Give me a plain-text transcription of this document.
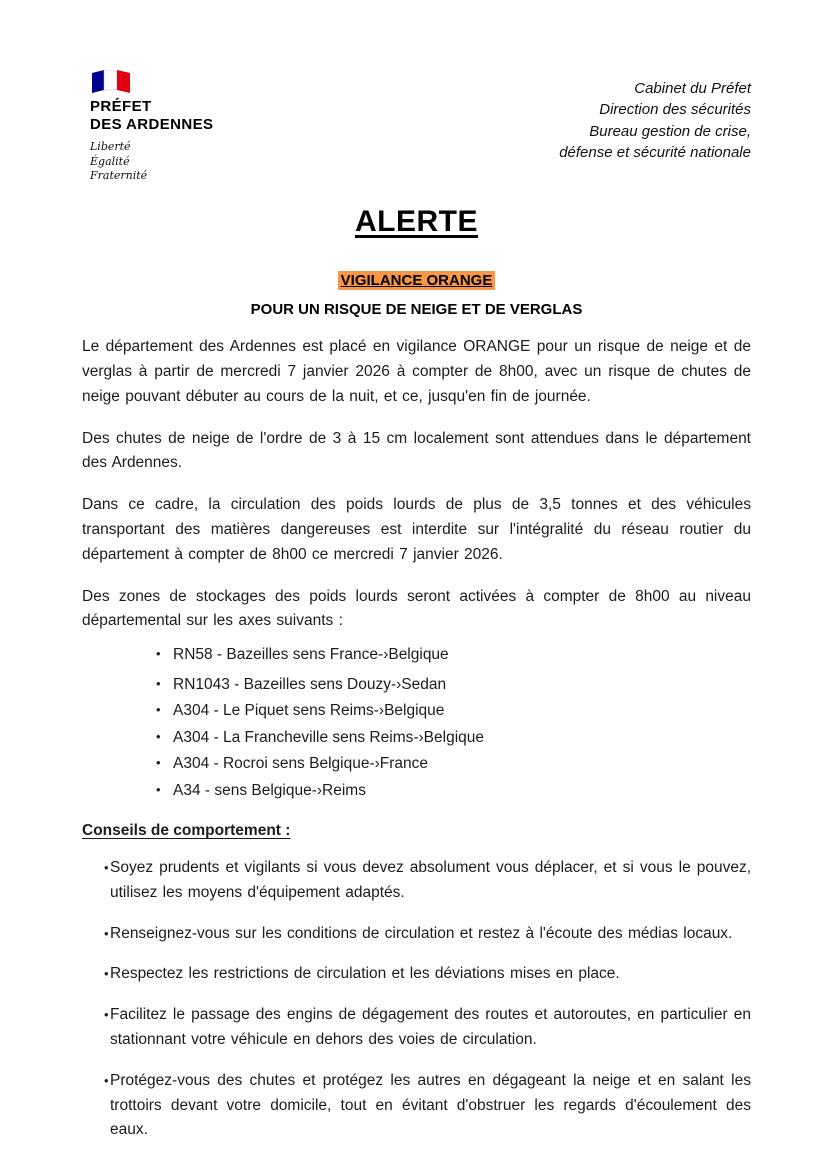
PRÉFET
DES ARDENNES
Liberté
Égalité
Fraternité
Cabinet du Préfet
Direction des sécurités
Bureau gestion de crise,
défense et sécurité nationale
ALERTE
VIGILANCE ORANGE
POUR UN RISQUE DE NEIGE ET DE VERGLAS

Le département des Ardennes est placé en vigilance ORANGE pour un risque de neige et de verglas à partir de mercredi 7 janvier 2026 à compter de 8h00, avec un risque de chutes de neige pouvant débuter au cours de la nuit, et ce, jusqu'en fin de journée.

Des chutes de neige de l'ordre de 3 à 15 cm localement sont attendues dans le département des Ardennes.

Dans ce cadre, la circulation des poids lourds de plus de 3,5 tonnes et des véhicules transportant des matières dangereuses est interdite sur l'intégralité du réseau routier du département à compter de 8h00 ce mercredi 7 janvier 2026.

Des zones de stockages des poids lourds seront activées à compter de 8h00 au niveau départemental sur les axes suivants :

• RN58 - Bazeilles sens France-›Belgique
• RN1043 - Bazeilles sens Douzy-›Sedan
• A304 - Le Piquet sens Reims-›Belgique
• A304 - La Francheville sens Reims-›Belgique
• A304 - Rocroi sens Belgique-›France
• A34 - sens Belgique-›Reims
Conseils de comportement :
• Soyez prudents et vigilants si vous devez absolument vous déplacer, et si vous le pouvez, utilisez les moyens d'équipement adaptés.
• Renseignez-vous sur les conditions de circulation et restez à l'écoute des médias locaux.
• Respectez les restrictions de circulation et les déviations mises en place.
• Facilitez le passage des engins de dégagement des routes et autoroutes, en particulier en stationnant votre véhicule en dehors des voies de circulation.
• Protégez-vous des chutes et protégez les autres en dégageant la neige et en salant les trottoirs devant votre domicile, tout en évitant d'obstruer les regards d'écoulement des eaux.
